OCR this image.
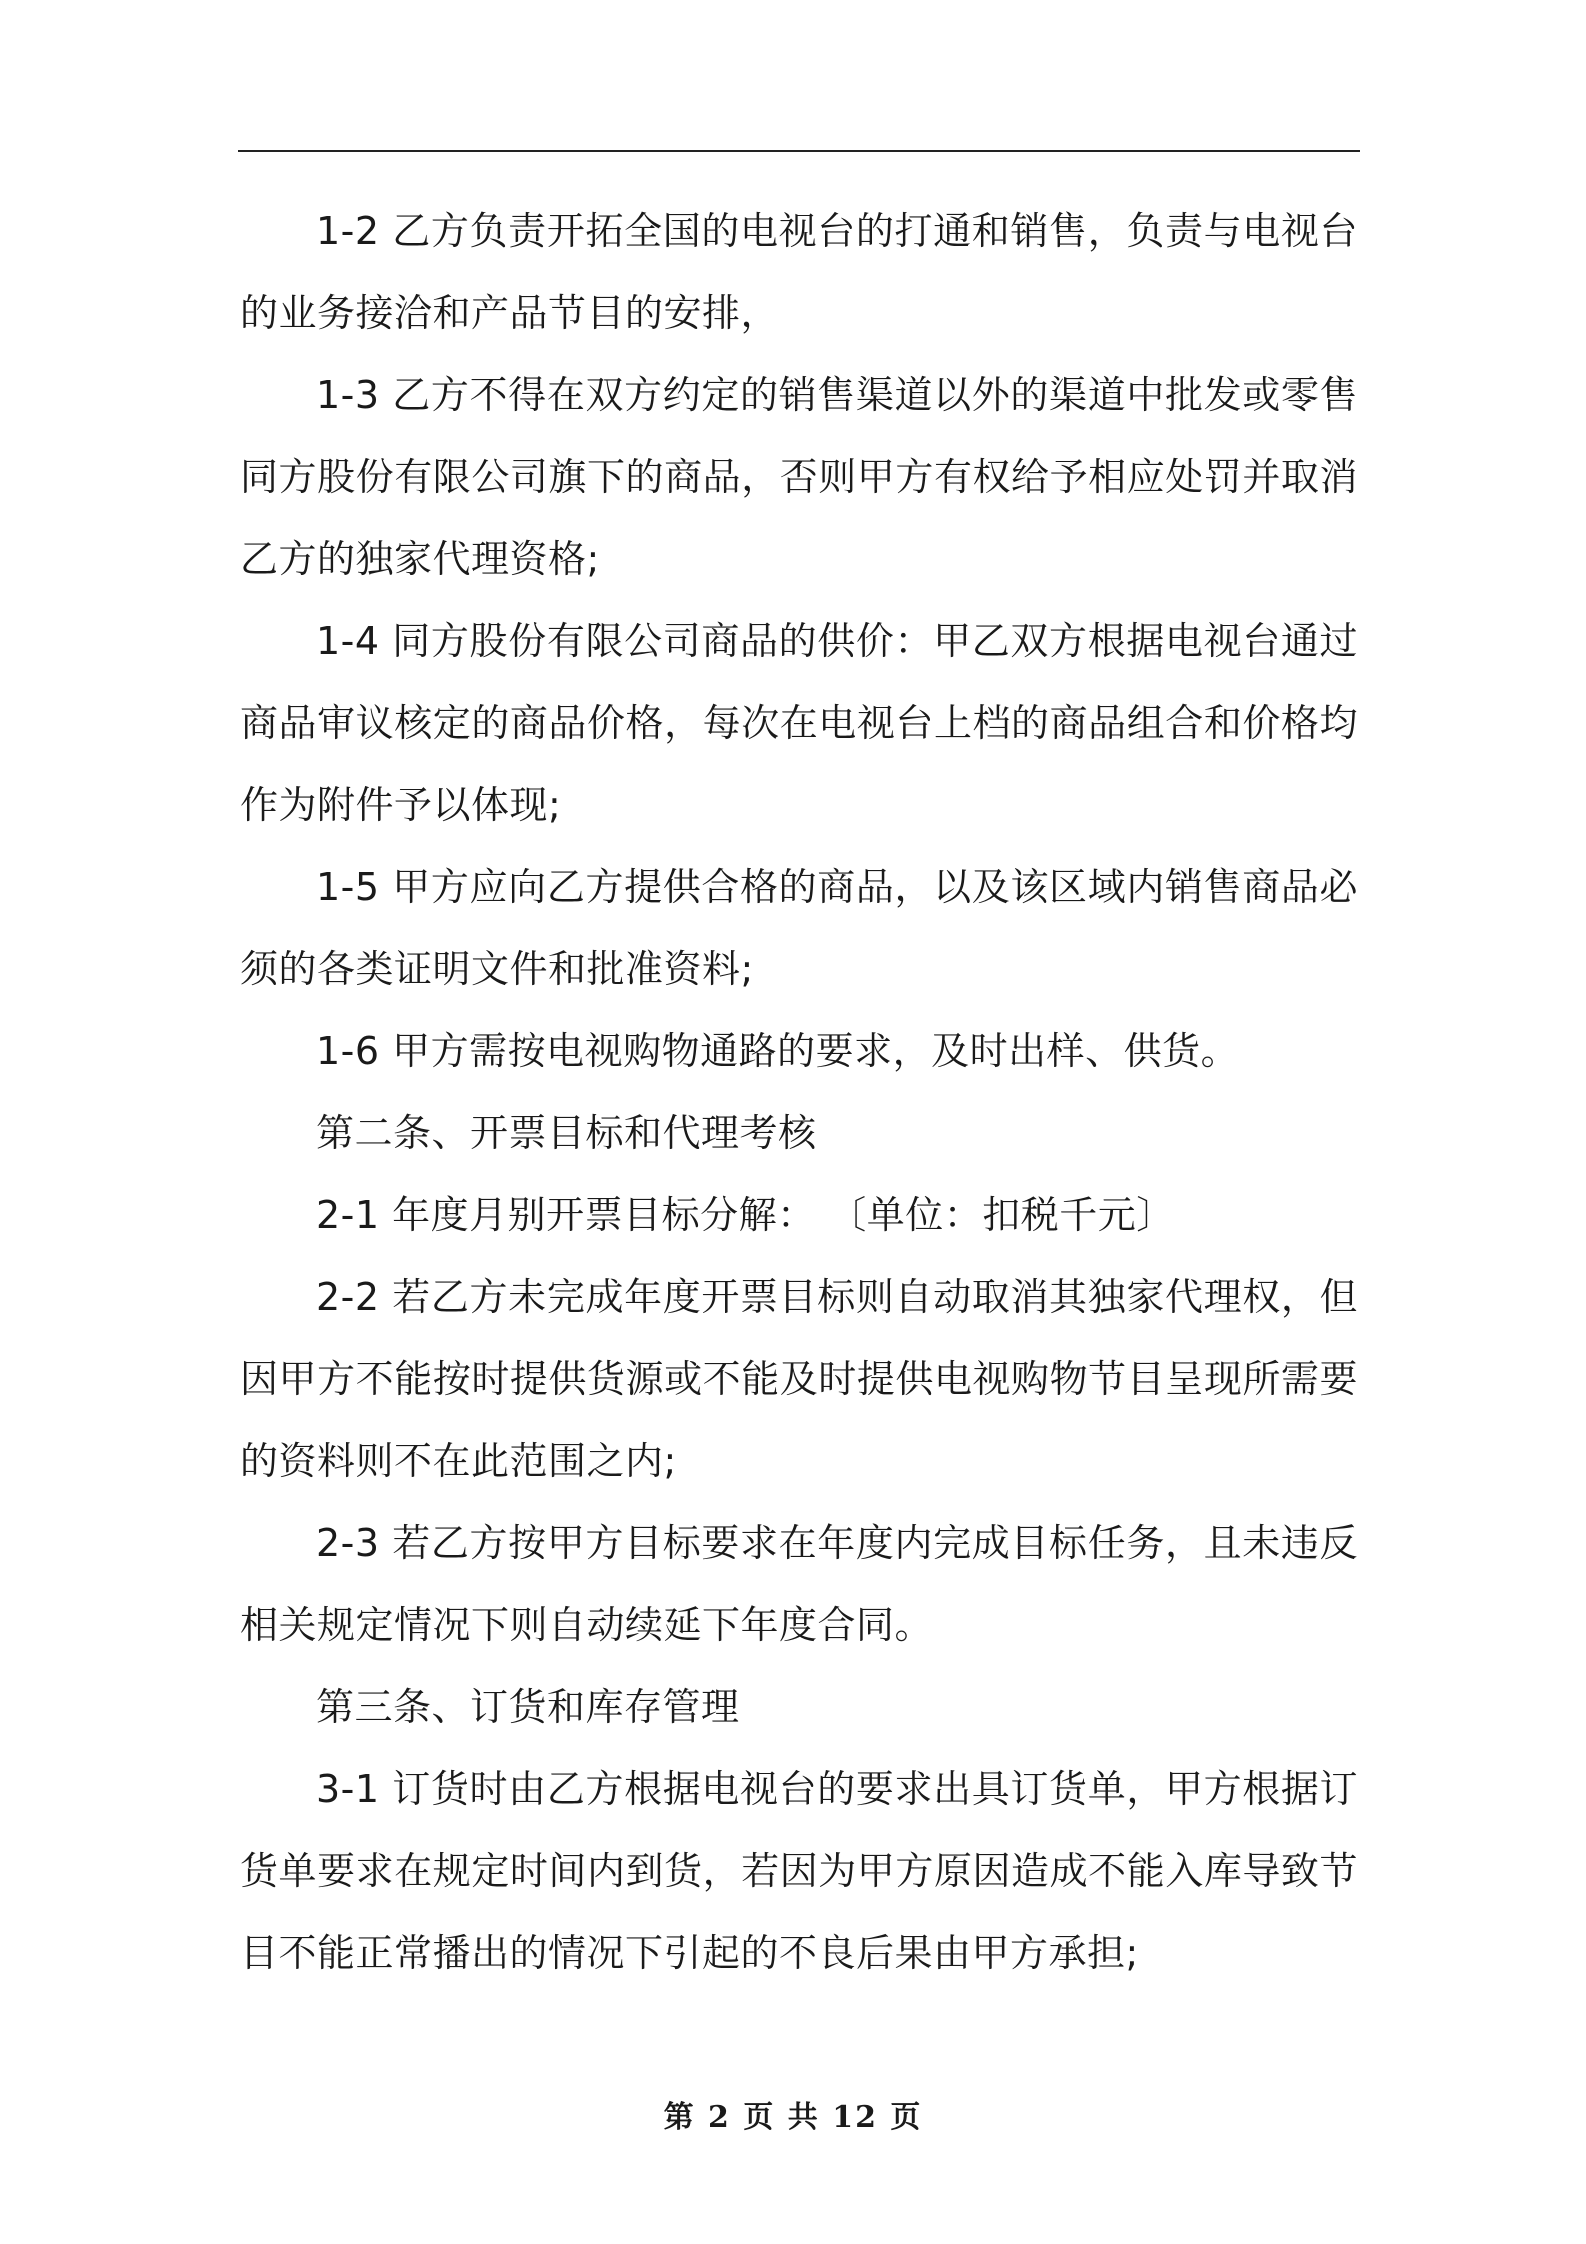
1-2 乙方负责开拓全国的电视台的打通和销售，负责与电视台的业务接洽和产品节目的安排，

1-3 乙方不得在双方约定的销售渠道以外的渠道中批发或零售同方股份有限公司旗下的商品，否则甲方有权给予相应处罚并取消乙方的独家代理资格;

1-4 同方股份有限公司商品的供价：甲乙双方根据电视台通过商品审议核定的商品价格，每次在电视台上档的商品组合和价格均作为附件予以体现;

1-5 甲方应向乙方提供合格的商品，以及该区域内销售商品必须的各类证明文件和批准资料;

1-6 甲方需按电视购物通路的要求，及时出样、供货。

第二条、开票目标和代理考核

2-1 年度月别开票目标分解： 〔单位：扣税千元〕

2-2 若乙方未完成年度开票目标则自动取消其独家代理权，但因甲方不能按时提供货源或不能及时提供电视购物节目呈现所需要的资料则不在此范围之内;

2-3 若乙方按甲方目标要求在年度内完成目标任务，且未违反相关规定情况下则自动续延下年度合同。

第三条、订货和库存管理

3-1 订货时由乙方根据电视台的要求出具订货单，甲方根据订货单要求在规定时间内到货，若因为甲方原因造成不能入库导致节目不能正常播出的情况下引起的不良后果由甲方承担;

第 2 页 共 12 页
